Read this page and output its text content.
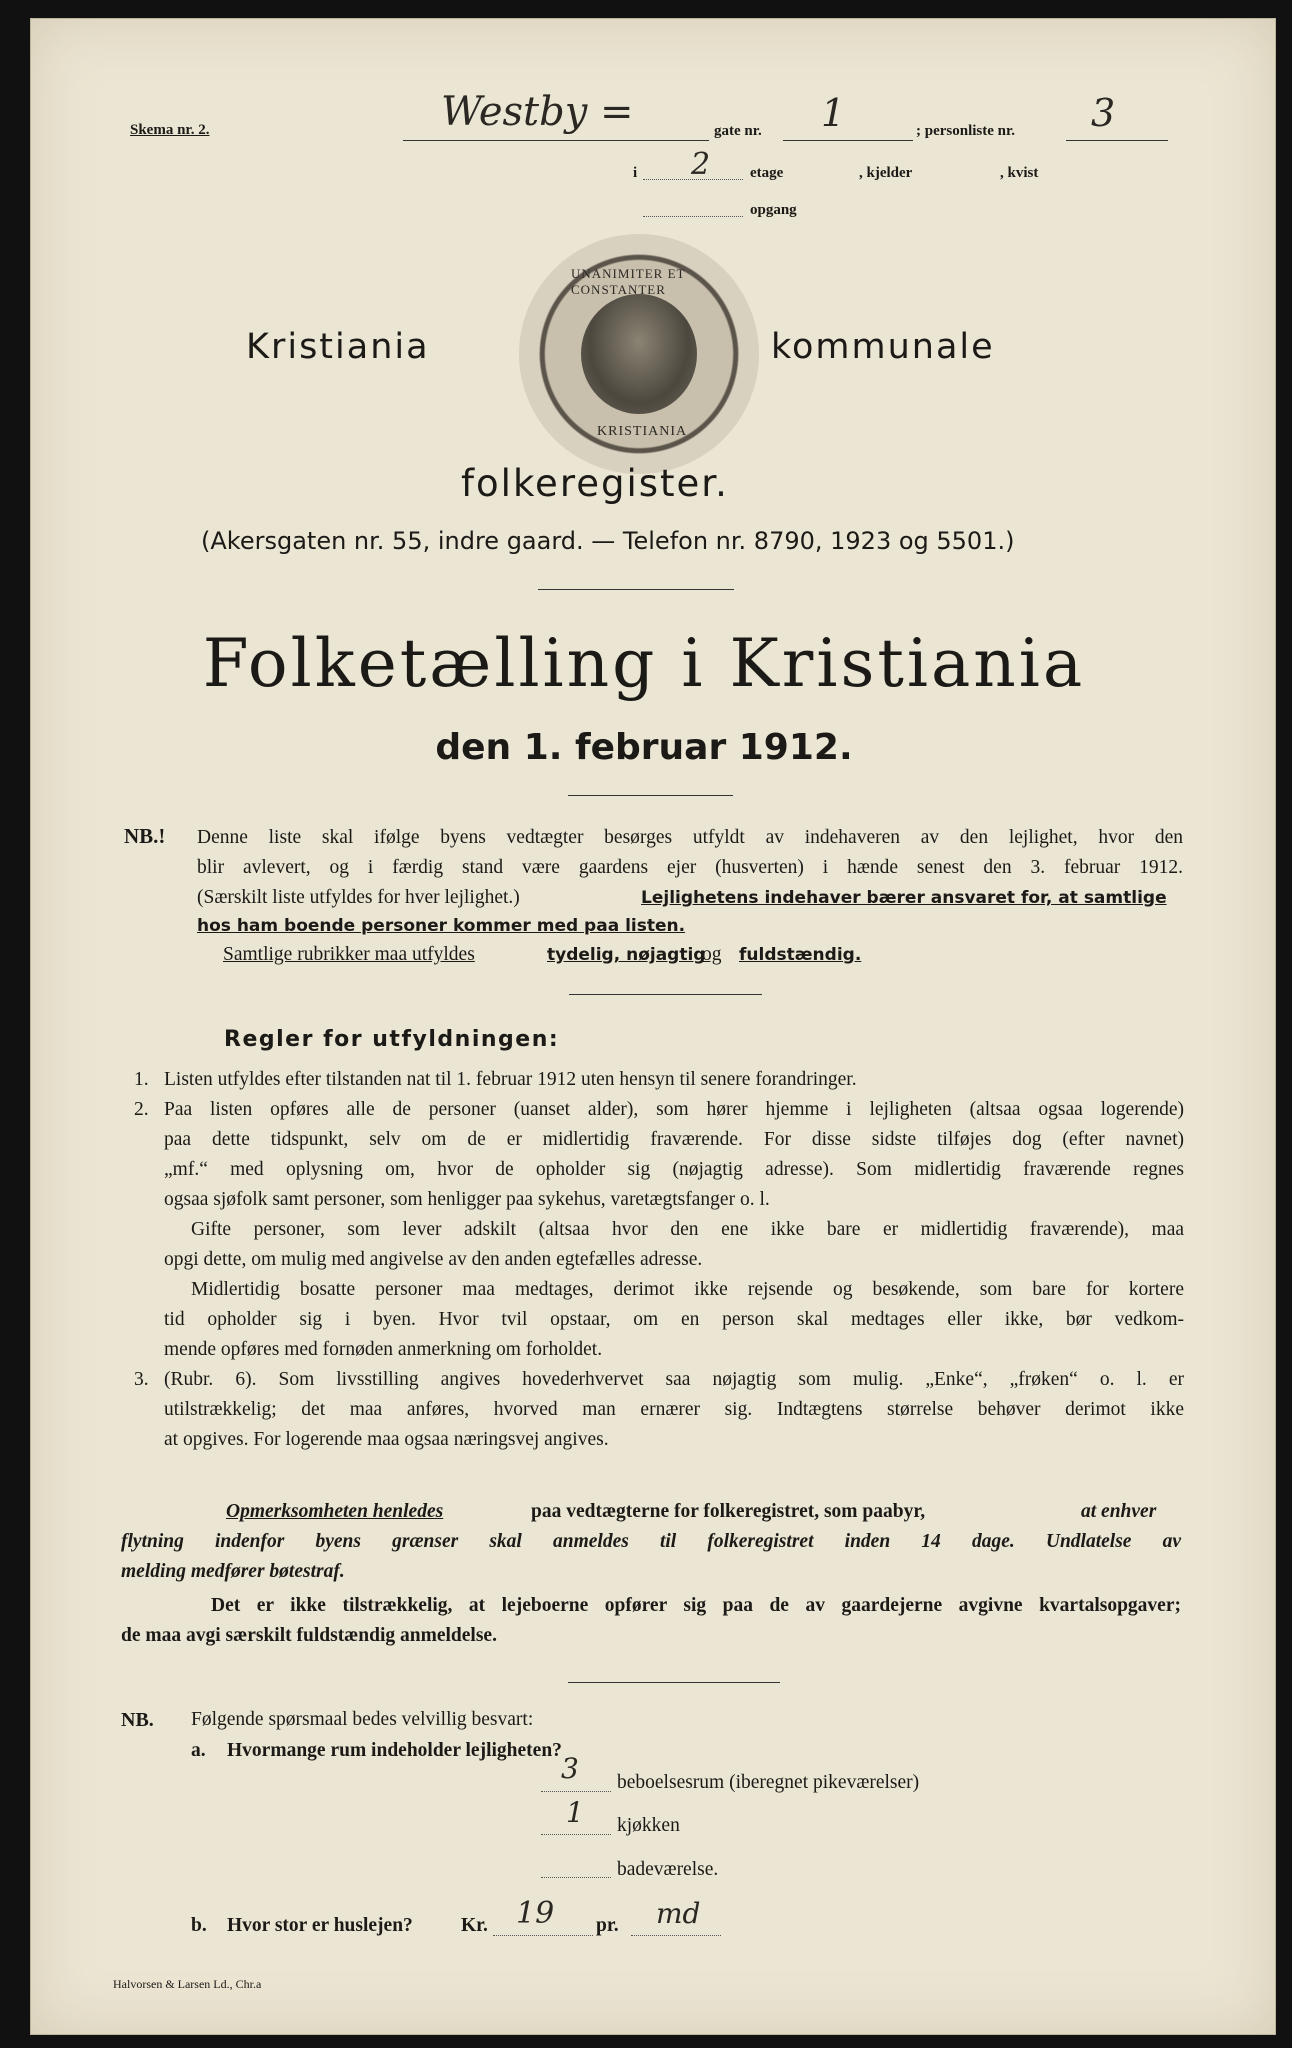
Skema nr. 2.	Westby =	gate nr. 1	; personliste nr. 3
i 2	etage	, kjelder	, kvist
opgang
Kristiania
UNANIMITER ET CONSTANTER
KRISTIANIA
kommunale
folkeregister.
(Akersgaten nr. 55, indre gaard. — Telefon nr. 8790, 1923 og 5501.)
Folketælling i Kristiania
den 1. februar 1912.
NB.! Denne liste skal ifølge byens vedtægter besørges utfyldt av indehaveren av den lejlighet, hvor den
blir avlevert, og i færdig stand være gaardens ejer (husverten) i hænde senest den 3. februar 1912.
(Særskilt liste utfyldes for hver lejlighet.)	Lejlighetens indehaver bærer ansvaret for, at samtlige
hos ham boende personer kommer med paa listen.
Samtlige rubrikker maa utfyldes	tydelig, nøjagtig
og fuldstændig.
Regler for utfyldningen:
1. Listen utfyldes efter tilstanden nat til 1. februar 1912 uten hensyn til senere forandringer.
2. Paa listen opføres alle de personer (uanset alder), som hører hjemme i lejligheten (altsaa ogsaa logerende)
paa dette tidspunkt, selv om de er midlertidig fraværende. For disse sidste tilføjes dog (efter navnet)
„mf.“ med oplysning om, hvor de opholder sig (nøjagtig adresse). Som midlertidig fraværende regnes
ogsaa sjøfolk samt personer, som henligger paa sykehus, varetægtsfanger o. l.
Gifte personer, som lever adskilt (altsaa hvor den ene ikke bare er midlertidig fraværende), maa
opgi dette, om mulig med angivelse av den anden egtefælles adresse.
Midlertidig bosatte personer maa medtages, derimot ikke rejsende og besøkende, som bare for kortere
tid opholder sig i byen. Hvor tvil opstaar, om en person skal medtages eller ikke, bør vedkom-
mende opføres med fornøden anmerkning om forholdet.
3. (Rubr. 6). Som livsstilling angives hovederhvervet saa nøjagtig som mulig. „Enke“, „frøken“ o. l. er
utilstrækkelig; det maa anføres, hvorved man ernærer sig. Indtægtens størrelse behøver derimot ikke
at opgives. For logerende maa ogsaa næringsvej angives.
Opmerksomheten henledes	paa vedtægterne for folkeregistret, som paabyr,	at enhver
flytning indenfor byens grænser skal anmeldes til folkeregistret inden 14 dage. Undlatelse av
melding medfører bøtestraf.
Det er ikke tilstrækkelig, at lejeboerne opfører sig paa de av gaardejerne avgivne kvartalsopgaver;
de maa avgi særskilt fuldstændig anmeldelse.
NB. Følgende spørsmaal bedes velvillig besvart:
a. Hvormange rum indeholder lejligheten?
3 beboelsesrum (iberegnet pikeværelser)
1 kjøkken
badeværelse.
b. Hvor stor er huslejen? Kr. 19 pr. md
Halvorsen & Larsen Ld., Chr.a
